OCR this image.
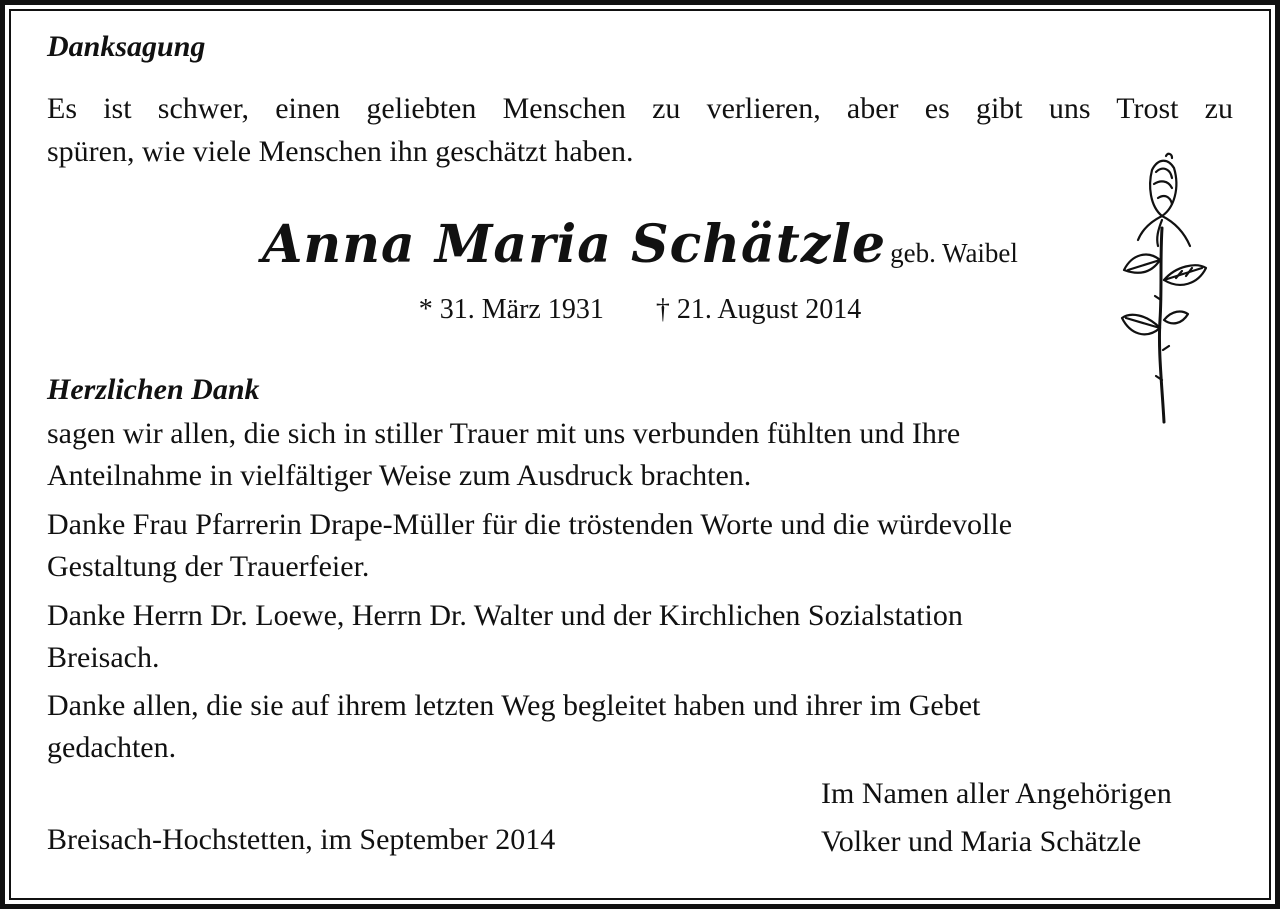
Danksagung

Es ist schwer, einen geliebten Menschen zu verlieren, aber es gibt uns Trost zu

spüren, wie viele Menschen ihn geschätzt haben.

Anna Maria Schätzle geb. Waibel
* 31. März 1931 † 21. August 2014

Herzlichen Dank

sagen wir allen, die sich in stiller Trauer mit uns verbunden fühlten und Ihre

Anteilnahme in vielfältiger Weise zum Ausdruck brachten.

Danke Frau Pfarrerin Drape-Müller für die tröstenden Worte und die würdevolle

Gestaltung der Trauerfeier.

Danke Herrn Dr. Loewe, Herrn Dr. Walter und der Kirchlichen Sozialstation

Breisach.

Danke allen, die sie auf ihrem letzten Weg begleitet haben und ihrer im Gebet

gedachten.

Im Namen aller Angehörigen

Breisach-Hochstetten, im September 2014	Volker und Maria Schätzle
